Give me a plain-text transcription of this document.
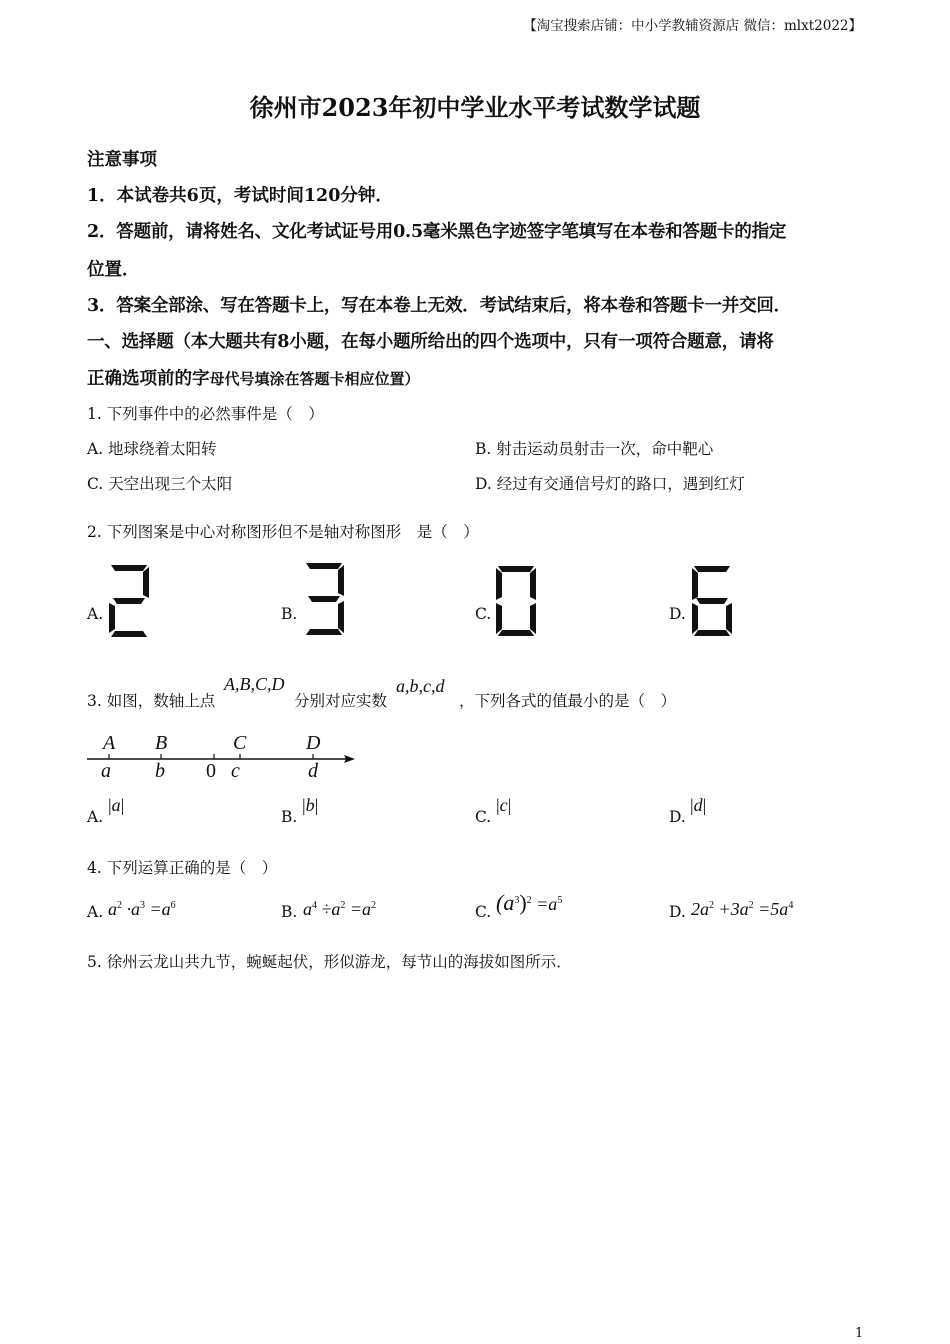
【淘宝搜索店铺：中小学教辅资源店 微信：mlxt2022】
徐州市2023年初中学业水平考试数学试题
注意事项
1．本试卷共6页，考试时间120分钟．
2．答题前，请将姓名、文化考试证号用0.5毫米黑色字迹签字笔填写在本卷和答题卡的指定
位置．
3．答案全部涂、写在答题卡上，写在本卷上无效．考试结束后，将本卷和答题卡一并交回．
一、选择题（本大题共有8小题，在每小题所给出的四个选项中，只有一项符合题意，请将
正确选项前的字母代号填涂在答题卡相应位置）
1. 下列事件中的必然事件是（　）
A. 地球绕着太阳转	B. 射击运动员射击一次，命中靶心
C. 天空出现三个太阳	D. 经过有交通信号灯的路口，遇到红灯
2. 下列图案是中心对称图形但不是轴对称图形　是（　）
A.	B.	C.	D.
3. 如图，数轴上点
A,B,C,D
分别对应实数
a,b,c,d
，下列各式的值最小的是（　）
A B	C	D
a b 0 c	d
A.
|a|
B.
|b|
C.
|c|
D.
|d|
4. 下列运算正确的是（　）
A. $a^2 \cdot a^3 =a^6$	B. $a^4 \div a^2 =a^2$	C. $(a^3)^2 =a^5$
D. $2a^2 +3a^2 =5a^4$
5. 徐州云龙山共九节，蜿蜒起伏，形似游龙，每节山的海拔如图所示．
1
